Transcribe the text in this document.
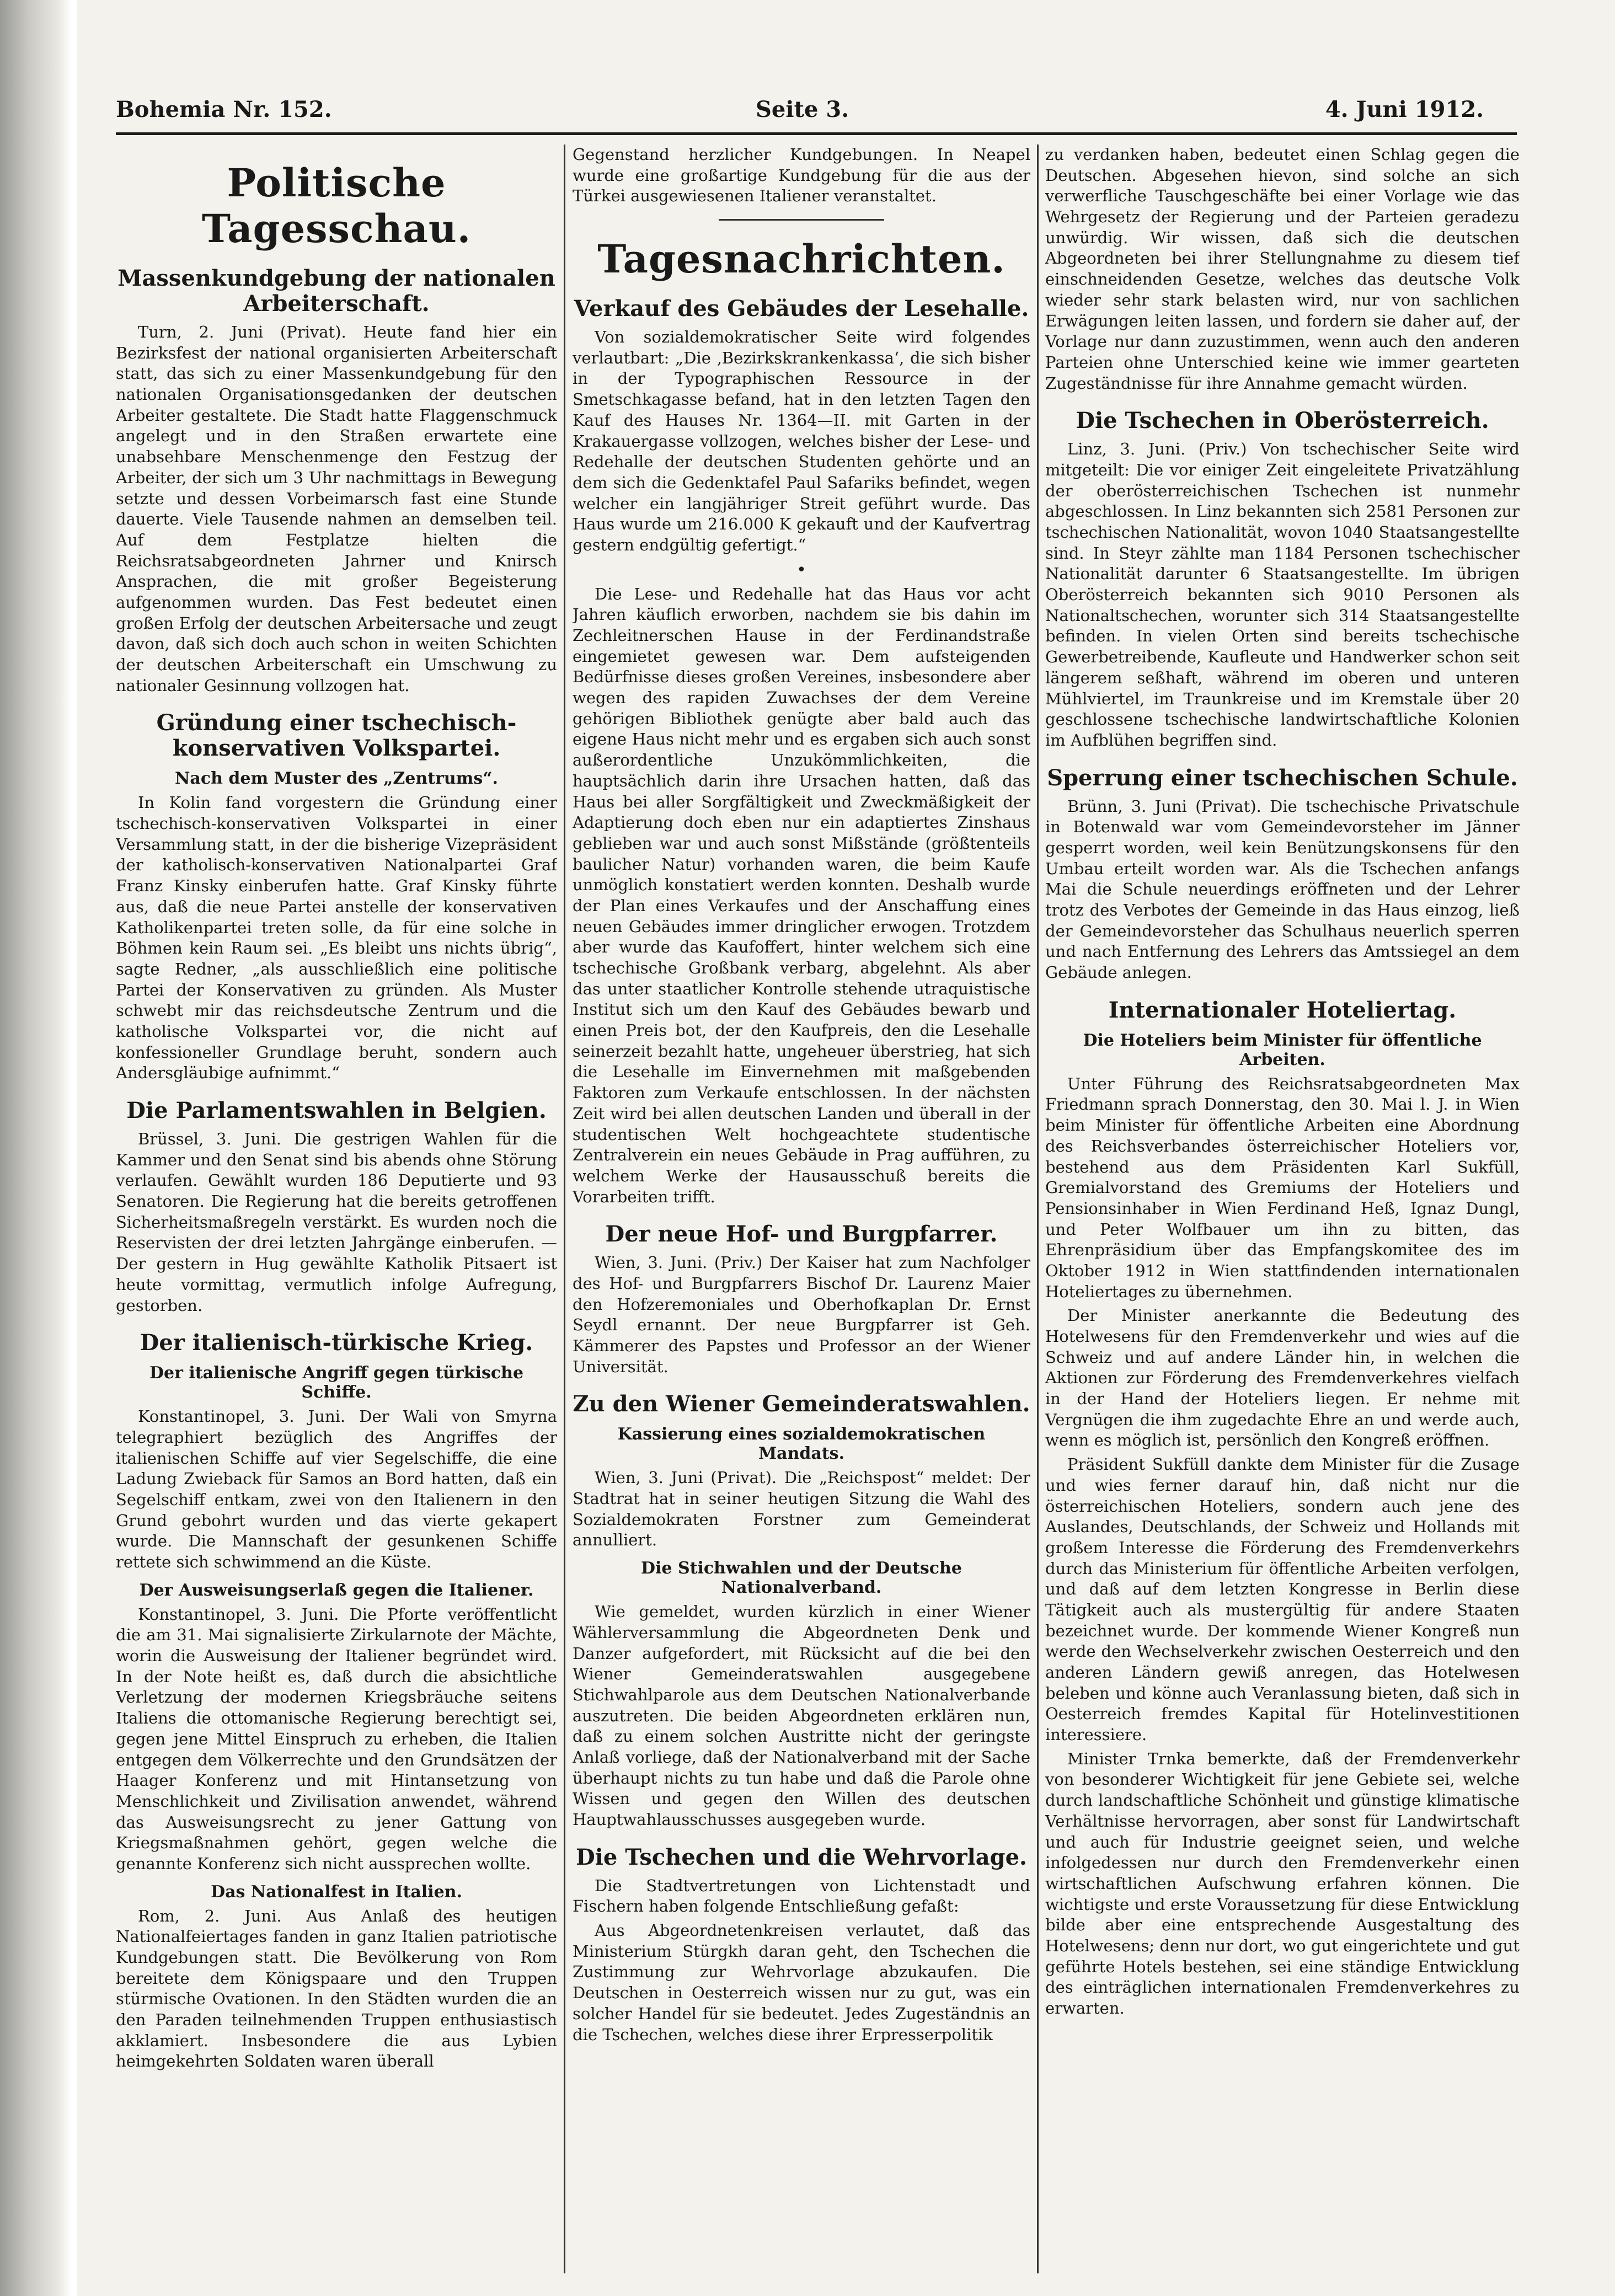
Bohemia Nr. 152.	Seite 3.	4. Juni 1912.
Politische Tagesschau.
Massenkundgebung der nationalen Arbeiterschaft.

Turn, 2. Juni (Privat). Heute fand hier ein Bezirksfest der national organisierten Arbeiterschaft statt, das sich zu einer Massenkundgebung für den nationalen Organisationsgedanken der deutschen Arbeiter gestaltete. Die Stadt hatte Flaggenschmuck angelegt und in den Straßen erwartete eine unabsehbare Menschenmenge den Festzug der Arbeiter, der sich um 3 Uhr nachmittags in Bewegung setzte und dessen Vorbeimarsch fast eine Stunde dauerte. Viele Tausende nahmen an demselben teil. Auf dem Festplatze hielten die Reichsratsabgeordneten Jahrner und Knirsch Ansprachen, die mit großer Begeisterung aufgenommen wurden. Das Fest bedeutet einen großen Erfolg der deutschen Arbeitersache und zeugt davon, daß sich doch auch schon in weiten Schichten der deutschen Arbeiterschaft ein Umschwung zu nationaler Gesinnung vollzogen hat.

Gründung einer tschechisch-konservativen Volkspartei.
Nach dem Muster des „Zentrums“.

In Kolin fand vorgestern die Gründung einer tschechisch-konservativen Volkspartei in einer Versammlung statt, in der die bisherige Vizepräsident der katholisch-konservativen Nationalpartei Graf Franz Kinsky einberufen hatte. Graf Kinsky führte aus, daß die neue Partei anstelle der konservativen Katholikenpartei treten solle, da für eine solche in Böhmen kein Raum sei. „Es bleibt uns nichts übrig“, sagte Redner, „als ausschließlich eine politische Partei der Konservativen zu gründen. Als Muster schwebt mir das reichsdeutsche Zentrum und die katholische Volkspartei vor, die nicht auf konfessioneller Grundlage beruht, sondern auch Andersgläubige aufnimmt.“

Die Parlamentswahlen in Belgien.

Brüssel, 3. Juni. Die gestrigen Wahlen für die Kammer und den Senat sind bis abends ohne Störung verlaufen. Gewählt wurden 186 Deputierte und 93 Senatoren. Die Regierung hat die bereits getroffenen Sicherheitsmaßregeln verstärkt. Es wurden noch die Reservisten der drei letzten Jahrgänge einberufen. — Der gestern in Hug gewählte Katholik Pitsaert ist heute vormittag, vermutlich infolge Aufregung, gestorben.

Der italienisch-türkische Krieg.
Der italienische Angriff gegen türkische Schiffe.

Konstantinopel, 3. Juni. Der Wali von Smyrna telegraphiert bezüglich des Angriffes der italienischen Schiffe auf vier Segelschiffe, die eine Ladung Zwieback für Samos an Bord hatten, daß ein Segelschiff entkam, zwei von den Italienern in den Grund gebohrt wurden und das vierte gekapert wurde. Die Mannschaft der gesunkenen Schiffe rettete sich schwimmend an die Küste.

Der Ausweisungserlaß gegen die Italiener.

Konstantinopel, 3. Juni. Die Pforte veröffentlicht die am 31. Mai signalisierte Zirkularnote der Mächte, worin die Ausweisung der Italiener begründet wird. In der Note heißt es, daß durch die absichtliche Verletzung der modernen Kriegsbräuche seitens Italiens die ottomanische Regierung berechtigt sei, gegen jene Mittel Einspruch zu erheben, die Italien entgegen dem Völkerrechte und den Grundsätzen der Haager Konferenz und mit Hintansetzung von Menschlichkeit und Zivilisation anwendet, während das Ausweisungsrecht zu jener Gattung von Kriegsmaßnahmen gehört, gegen welche die genannte Konferenz sich nicht aussprechen wollte.

Das Nationalfest in Italien.

Rom, 2. Juni. Aus Anlaß des heutigen Nationalfeiertages fanden in ganz Italien patriotische Kundgebungen statt. Die Bevölkerung von Rom bereitete dem Königspaare und den Truppen stürmische Ovationen. In den Städten wurden die an den Paraden teilnehmenden Truppen enthusiastisch akklamiert. Insbesondere die aus Lybien heimgekehrten Soldaten waren überall

Gegenstand herzlicher Kundgebungen. In Neapel wurde eine großartige Kundgebung für die aus der Türkei ausgewiesenen Italiener veranstaltet.

Tagesnachrichten.
Verkauf des Gebäudes der Lesehalle.

Von sozialdemokratischer Seite wird folgendes verlautbart: „Die ‚Bezirkskrankenkassa‘, die sich bisher in der Typographischen Ressource in der Smetschkagasse befand, hat in den letzten Tagen den Kauf des Hauses Nr. 1364—II. mit Garten in der Krakauergasse vollzogen, welches bisher der Lese- und Redehalle der deutschen Studenten gehörte und an dem sich die Gedenktafel Paul Safariks befindet, wegen welcher ein langjähriger Streit geführt wurde. Das Haus wurde um 216.000 K gekauft und der Kaufvertrag gestern endgültig gefertigt.“

•

Die Lese- und Redehalle hat das Haus vor acht Jahren käuflich erworben, nachdem sie bis dahin im Zechleitnerschen Hause in der Ferdinandstraße eingemietet gewesen war. Dem aufsteigenden Bedürfnisse dieses großen Vereines, insbesondere aber wegen des rapiden Zuwachses der dem Vereine gehörigen Bibliothek genügte aber bald auch das eigene Haus nicht mehr und es ergaben sich auch sonst außerordentliche Unzukömmlichkeiten, die hauptsächlich darin ihre Ursachen hatten, daß das Haus bei aller Sorgfältigkeit und Zweckmäßigkeit der Adaptierung doch eben nur ein adaptiertes Zinshaus geblieben war und auch sonst Mißstände (größtenteils baulicher Natur) vorhanden waren, die beim Kaufe unmöglich konstatiert werden konnten. Deshalb wurde der Plan eines Verkaufes und der Anschaffung eines neuen Gebäudes immer dringlicher erwogen. Trotzdem aber wurde das Kaufoffert, hinter welchem sich eine tschechische Großbank verbarg, abgelehnt. Als aber das unter staatlicher Kontrolle stehende utraquistische Institut sich um den Kauf des Gebäudes bewarb und einen Preis bot, der den Kaufpreis, den die Lesehalle seinerzeit bezahlt hatte, ungeheuer überstrieg, hat sich die Lesehalle im Einvernehmen mit maßgebenden Faktoren zum Verkaufe entschlossen. In der nächsten Zeit wird bei allen deutschen Landen und überall in der studentischen Welt hochgeachtete studentische Zentralverein ein neues Gebäude in Prag aufführen, zu welchem Werke der Hausausschuß bereits die Vorarbeiten trifft.

Der neue Hof- und Burgpfarrer.

Wien, 3. Juni. (Priv.) Der Kaiser hat zum Nachfolger des Hof- und Burgpfarrers Bischof Dr. Laurenz Maier den Hofzeremoniales und Oberhofkaplan Dr. Ernst Seydl ernannt. Der neue Burgpfarrer ist Geh. Kämmerer des Papstes und Professor an der Wiener Universität.

Zu den Wiener Gemeinderatswahlen.
Kassierung eines sozialdemokratischen Mandats.

Wien, 3. Juni (Privat). Die „Reichspost“ meldet: Der Stadtrat hat in seiner heutigen Sitzung die Wahl des Sozialdemokraten Forstner zum Gemeinderat annulliert.

Die Stichwahlen und der Deutsche Nationalverband.

Wie gemeldet, wurden kürzlich in einer Wiener Wählerversammlung die Abgeordneten Denk und Danzer aufgefordert, mit Rücksicht auf die bei den Wiener Gemeinderatswahlen ausgegebene Stichwahlparole aus dem Deutschen Nationalverbande auszutreten. Die beiden Abgeordneten erklären nun, daß zu einem solchen Austritte nicht der geringste Anlaß vorliege, daß der Nationalverband mit der Sache überhaupt nichts zu tun habe und daß die Parole ohne Wissen und gegen den Willen des deutschen Hauptwahlausschusses ausgegeben wurde.

Die Tschechen und die Wehrvorlage.

Die Stadtvertretungen von Lichtenstadt und Fischern haben folgende Entschließung gefaßt:

Aus Abgeordnetenkreisen verlautet, daß das Ministerium Stürgkh daran geht, den Tschechen die Zustimmung zur Wehrvorlage abzukaufen. Die Deutschen in Oesterreich wissen nur zu gut, was ein solcher Handel für sie bedeutet. Jedes Zugeständnis an die Tschechen, welches diese ihrer Erpresserpolitik

zu verdanken haben, bedeutet einen Schlag gegen die Deutschen. Abgesehen hievon, sind solche an sich verwerfliche Tauschgeschäfte bei einer Vorlage wie das Wehrgesetz der Regierung und der Parteien geradezu unwürdig. Wir wissen, daß sich die deutschen Abgeordneten bei ihrer Stellungnahme zu diesem tief einschneidenden Gesetze, welches das deutsche Volk wieder sehr stark belasten wird, nur von sachlichen Erwägungen leiten lassen, und fordern sie daher auf, der Vorlage nur dann zuzustimmen, wenn auch den anderen Parteien ohne Unterschied keine wie immer gearteten Zugeständnisse für ihre Annahme gemacht würden.

Die Tschechen in Oberösterreich.

Linz, 3. Juni. (Priv.) Von tschechischer Seite wird mitgeteilt: Die vor einiger Zeit eingeleitete Privatzählung der oberösterreichischen Tschechen ist nunmehr abgeschlossen. In Linz bekannten sich 2581 Personen zur tschechischen Nationalität, wovon 1040 Staatsangestellte sind. In Steyr zählte man 1184 Personen tschechischer Nationalität darunter 6 Staatsangestellte. Im übrigen Oberösterreich bekannten sich 9010 Personen als Nationaltschechen, worunter sich 314 Staatsangestellte befinden. In vielen Orten sind bereits tschechische Gewerbetreibende, Kaufleute und Handwerker schon seit längerem seßhaft, während im oberen und unteren Mühlviertel, im Traunkreise und im Kremstale über 20 geschlossene tschechische landwirtschaftliche Kolonien im Aufblühen begriffen sind.

Sperrung einer tschechischen Schule.

Brünn, 3. Juni (Privat). Die tschechische Privatschule in Botenwald war vom Gemeindevorsteher im Jänner gesperrt worden, weil kein Benützungskonsens für den Umbau erteilt worden war. Als die Tschechen anfangs Mai die Schule neuerdings eröffneten und der Lehrer trotz des Verbotes der Gemeinde in das Haus einzog, ließ der Gemeindevorsteher das Schulhaus neuerlich sperren und nach Entfernung des Lehrers das Amtssiegel an dem Gebäude anlegen.

Internationaler Hoteliertag.
Die Hoteliers beim Minister für öffentliche Arbeiten.

Unter Führung des Reichsratsabgeordneten Max Friedmann sprach Donnerstag, den 30. Mai l. J. in Wien beim Minister für öffentliche Arbeiten eine Abordnung des Reichsverbandes österreichischer Hoteliers vor, bestehend aus dem Präsidenten Karl Sukfüll, Gremialvorstand des Gremiums der Hoteliers und Pensionsinhaber in Wien Ferdinand Heß, Ignaz Dungl, und Peter Wolfbauer um ihn zu bitten, das Ehrenpräsidium über das Empfangskomitee des im Oktober 1912 in Wien stattfindenden internationalen Hoteliertages zu übernehmen.

Der Minister anerkannte die Bedeutung des Hotelwesens für den Fremdenverkehr und wies auf die Schweiz und auf andere Länder hin, in welchen die Aktionen zur Förderung des Fremdenverkehres vielfach in der Hand der Hoteliers liegen. Er nehme mit Vergnügen die ihm zugedachte Ehre an und werde auch, wenn es möglich ist, persönlich den Kongreß eröffnen.

Präsident Sukfüll dankte dem Minister für die Zusage und wies ferner darauf hin, daß nicht nur die österreichischen Hoteliers, sondern auch jene des Auslandes, Deutschlands, der Schweiz und Hollands mit großem Interesse die Förderung des Fremdenverkehrs durch das Ministerium für öffentliche Arbeiten verfolgen, und daß auf dem letzten Kongresse in Berlin diese Tätigkeit auch als mustergültig für andere Staaten bezeichnet wurde. Der kommende Wiener Kongreß nun werde den Wechselverkehr zwischen Oesterreich und den anderen Ländern gewiß anregen, das Hotelwesen beleben und könne auch Veranlassung bieten, daß sich in Oesterreich fremdes Kapital für Hotelinvestitionen interessiere.

Minister Trnka bemerkte, daß der Fremdenverkehr von besonderer Wichtigkeit für jene Gebiete sei, welche durch landschaftliche Schönheit und günstige klimatische Verhältnisse hervorragen, aber sonst für Landwirtschaft und auch für Industrie geeignet seien, und welche infolgedessen nur durch den Fremdenverkehr einen wirtschaftlichen Aufschwung erfahren können. Die wichtigste und erste Voraussetzung für diese Entwicklung bilde aber eine entsprechende Ausgestaltung des Hotelwesens; denn nur dort, wo gut eingerichtete und gut geführte Hotels bestehen, sei eine ständige Entwicklung des einträglichen internationalen Fremdenverkehres zu erwarten.
